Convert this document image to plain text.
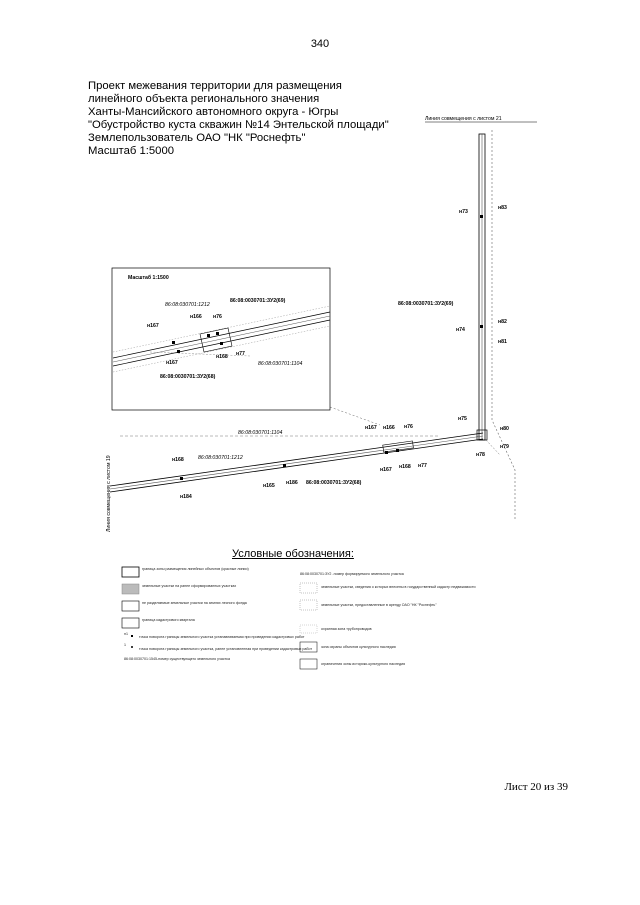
340
Проект межевания территории для размещения
линейного объекта регионального значения
Ханты-Мансийского автономного округа - Югры
"Обустройство куста скважин №14 Энтельской площади"
Землепользователь ОАО "НК "Роснефть"
Масштаб 1:5000
Линия совмещения с листом 21
Линия совмещения с листом 19
н73
н83
86:08:0030701:ЗУ2(69)
н82
н74
н81
н75
н80
н79
н78
н167 н166 н76
н167 н168 н77
86:08:030701:1104
н168	86:08:030701:1212
н165 н186 86:08:0030701:ЗУ2(68)
н184
Масштаб 1:1500
86:08:030701:1212
86:08:0030701:ЗУ2(69)
н166 н76
н167
н77
н168
н167	86:08:030701:1104
86:08:0030701:ЗУ2(68)
н1
1
граница зоны размещения линейных объектов (красные линии)
земельные участки на ранее сформированных участках
не разделяемые земельные участки на землях лесного фонда
граница кадастрового квартала
точка поворота границы земельного участка устанавливаемая при проведении кадастровых работ
точка поворота границы земельного участка, ранее установленная при проведении кадастровых работ
86:08:0030701:1545-номер существующего земельного участка
86:08:0030701:ЗУ2 -номер формируемого земельного участка
земельные участки, сведения о которых внесены в государственный кадастр недвижимости
земельные участки, предоставленные в аренду ОАО "НК "Роснефть"
охранная зона трубопроводов
зона охраны объектов культурного наследия
ограничения зоны историко-культурного наследия
Условные обозначения:
Лист 20 из 39
